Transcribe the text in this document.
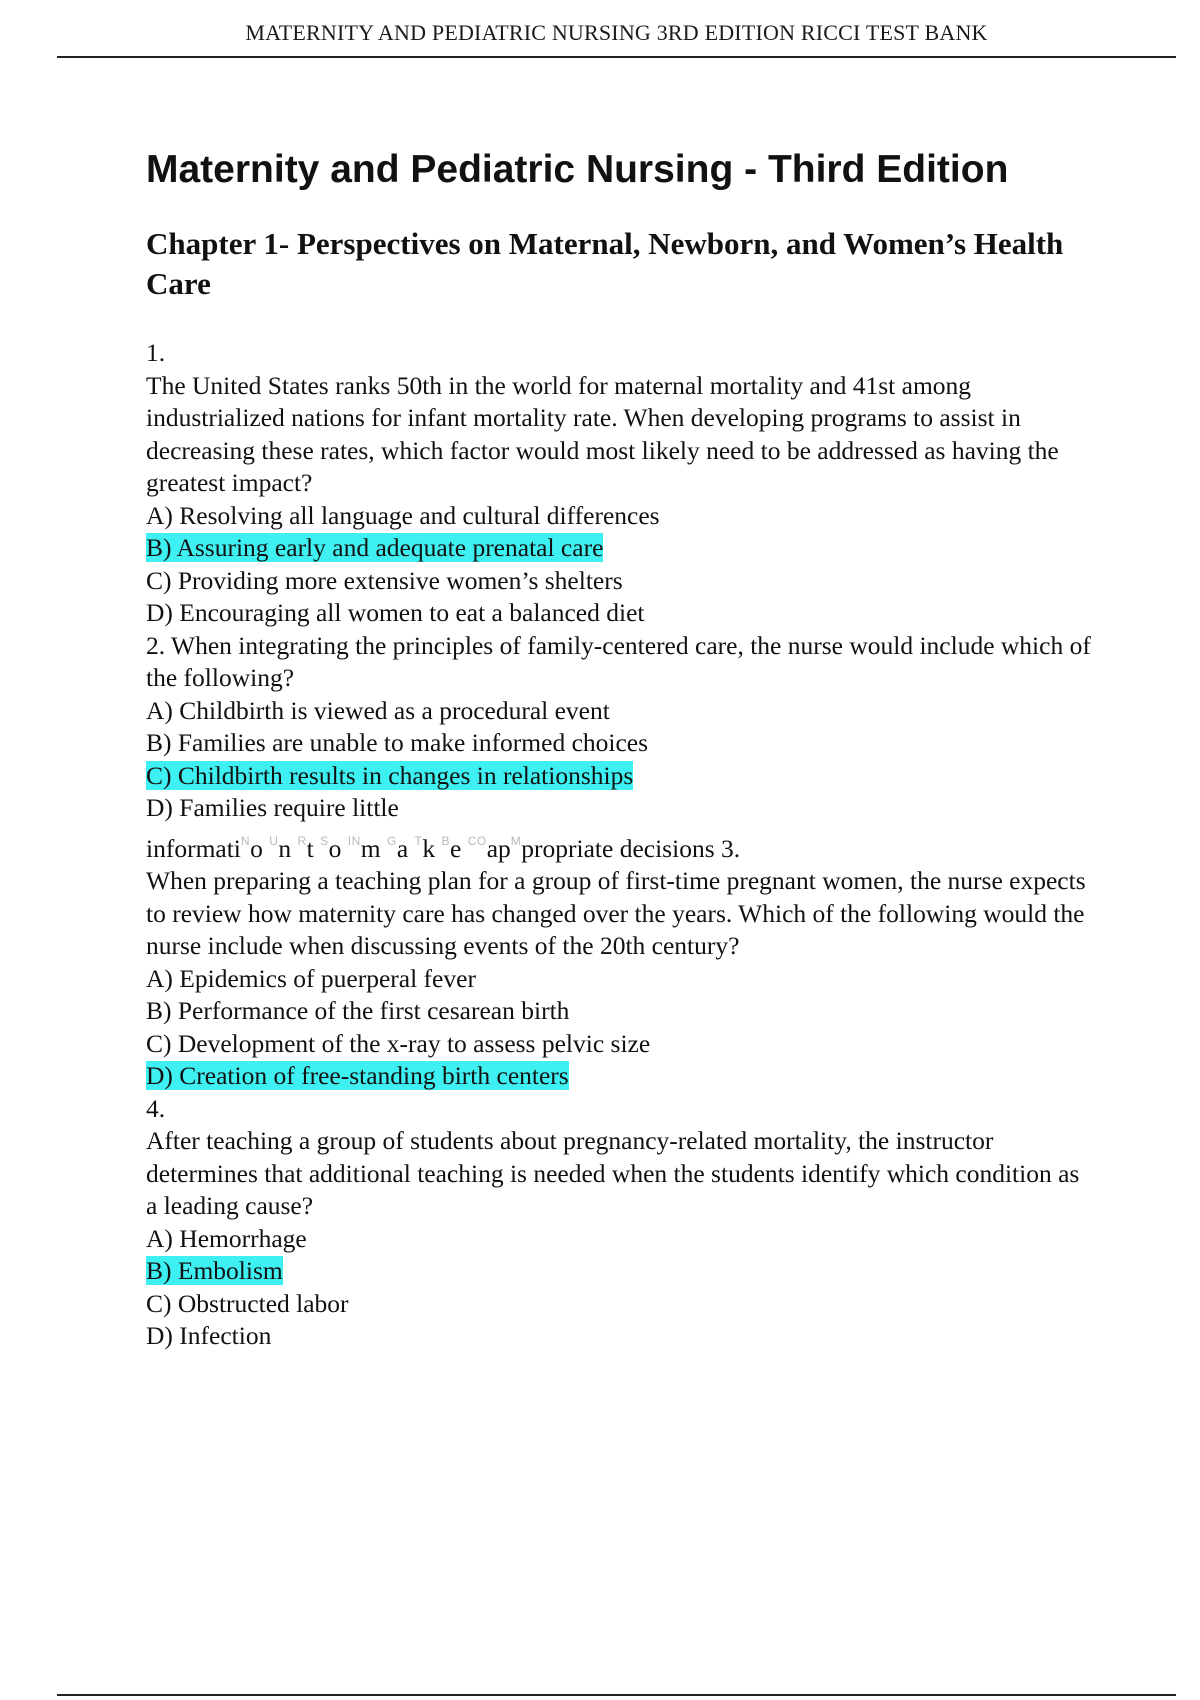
MATERNITY AND PEDIATRIC NURSING 3RD EDITION RICCI TEST BANK
Maternity and Pediatric Nursing - Third Edition
Chapter 1- Perspectives on Maternal, Newborn, and Women’s Health Care
1.
The United States ranks 50th in the world for maternal mortality and 41st among industrialized nations for infant mortality rate. When developing programs to assist in decreasing these rates, which factor would most likely need to be addressed as having the greatest impact?
A) Resolving all language and cultural differences
B) Assuring early and adequate prenatal care
C) Providing more extensive women’s shelters
D) Encouraging all women to eat a balanced diet
2. When integrating the principles of family-centered care, the nurse would include which of the following?
A) Childbirth is viewed as a procedural event
B) Families are unable to make informed choices
C) Childbirth results in changes in relationships
D) Families require little
informati$^N$o $^U$n $^R$t $^S$o $^{IN}$m $^G$a $^T$k $^B$e $^{CO}ap^Mpropriate$ decisions 3.
When preparing a teaching plan for a group of first-time pregnant women, the nurse expects to review how maternity care has changed over the years. Which of the following would the nurse include when discussing events of the 20th century?
A) Epidemics of puerperal fever
B) Performance of the first cesarean birth
C) Development of the x-ray to assess pelvic size
D) Creation of free-standing birth centers
4.
After teaching a group of students about pregnancy-related mortality, the instructor determines that additional teaching is needed when the students identify which condition as a leading cause?
A) Hemorrhage
B) Embolism
C) Obstructed labor
D) Infection
